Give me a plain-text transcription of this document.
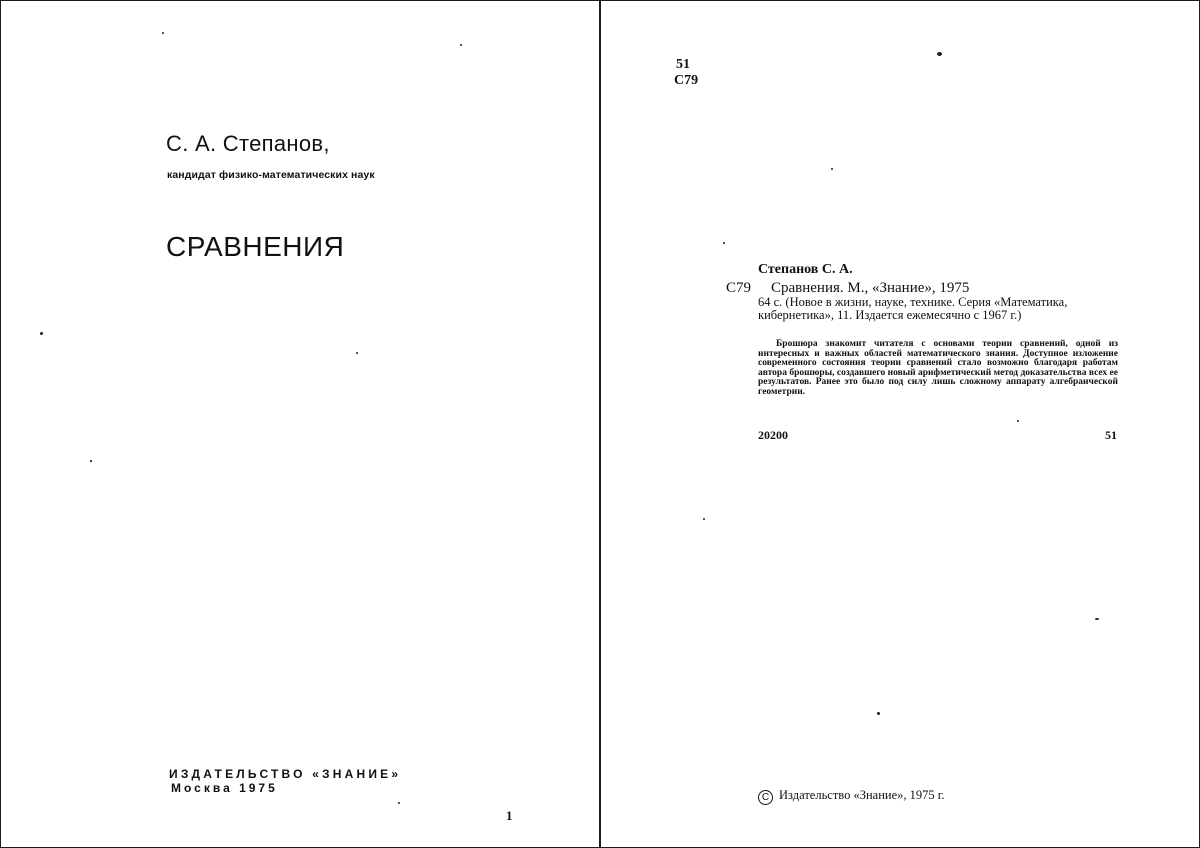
С. А. Степанов,
кандидат физико-математических наук
СРАВНЕНИЯ
ИЗДАТЕЛЬСТВО «ЗНАНИЕ»
Москва 1975
1
51
С79
Степанов С. А.
С79 Сравнения. М., «Знание», 1975
64 с. (Новое в жизни, науке, технике. Серия «Математика, кибернетика», 11. Издается ежемесячно с 1967 г.)
Брошюра знакомит читателя с основами теории сравнений, одной из интересных и важных областей математического знания. Доступное изложение современного состояния теории сравнений стало возможно благодаря работам автора брошюры, создавшего новый арифметический метод доказательства всех ее результатов. Ранее это было под силу лишь сложному аппарату алгебраической геометрии.
20200	51
C Издательство «Знание», 1975 г.
